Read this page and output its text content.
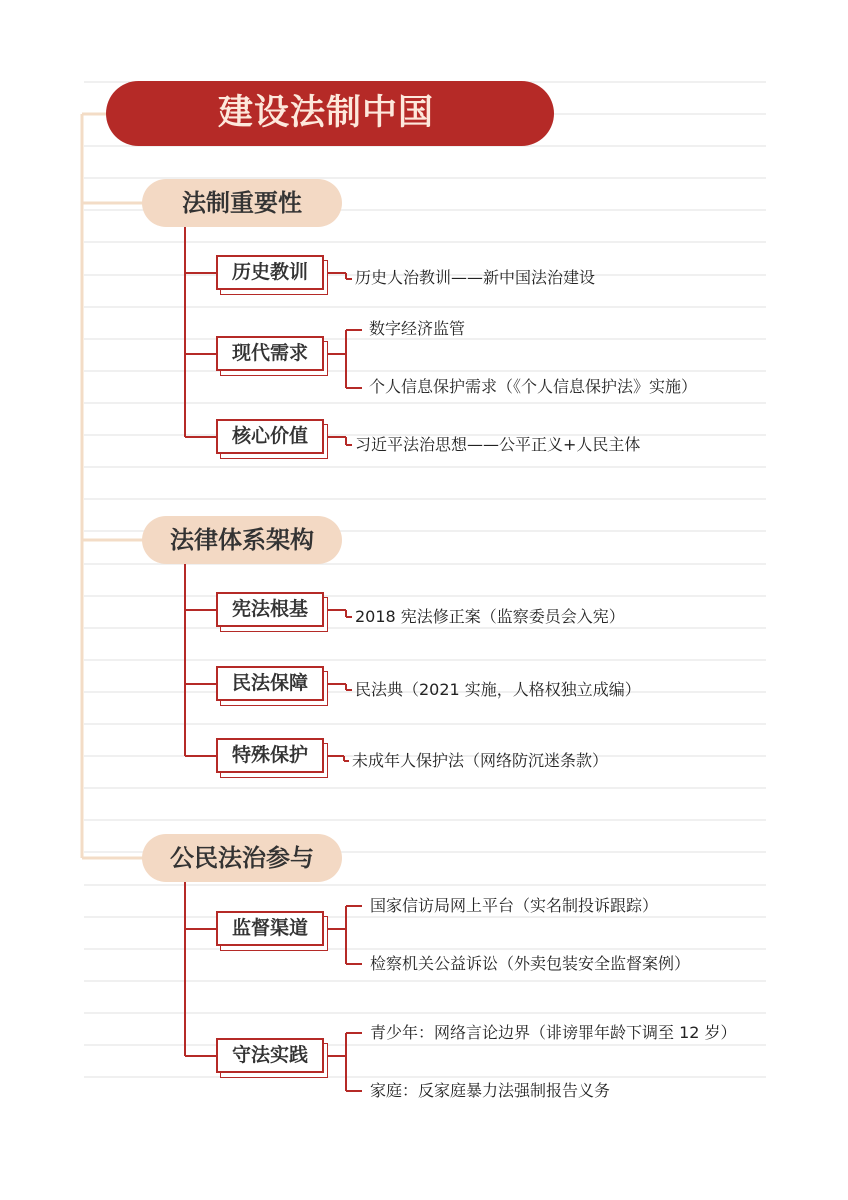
建设法制中国
法制重要性
历史教训	历史人治教训——新中国法治建设
现代需求
数字经济监管
个人信息保护需求（《个人信息保护法》实施）
核心价值	习近平法治思想——公平正义+人民主体
法律体系架构
宪法根基	2018 宪法修正案（监察委员会入宪）
民法保障	民法典（2021 实施，人格权独立成编）
特殊保护	未成年人保护法（网络防沉迷条款）
公民法治参与
监督渠道
国家信访局网上平台（实名制投诉跟踪）
检察机关公益诉讼（外卖包装安全监督案例）
守法实践
青少年：网络言论边界（诽谤罪年龄下调至 12 岁）
家庭：反家庭暴力法强制报告义务
